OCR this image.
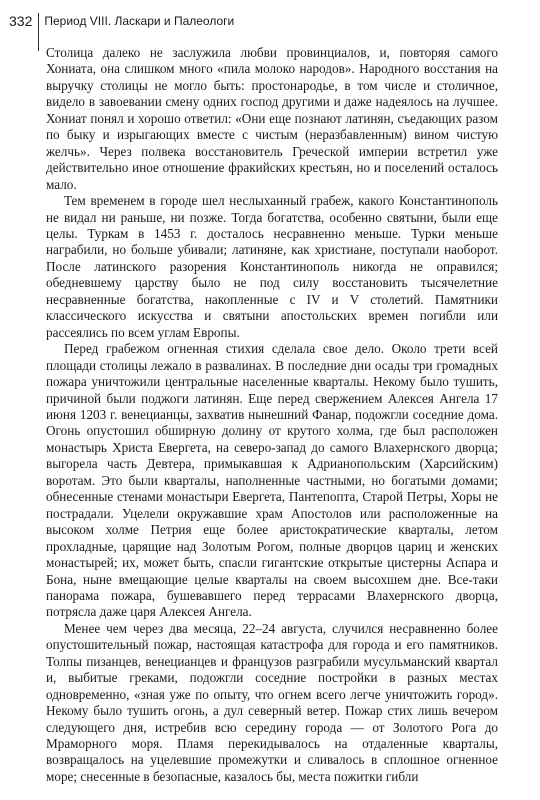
332	Период VIII. Ласкари и Палеологи

Столица далеко не заслужила любви провинциалов, и, повторяя самого Хониата, она слишком много «пила молоко народов». Народного восстания на выручку столицы не могло быть: простонародье, в том числе и столичное, видело в завоевании смену одних господ другими и даже надеялось на лучшее. Хониат понял и хорошо ответил: «Они еще познают латинян, съедающих разом по быку и изрыгающих вместе с чистым (неразбавленным) вином чистую желчь». Через полвека восстановитель Греческой империи встретил уже действительно иное отношение фракийских крестьян, но и поселений осталось мало.

Тем временем в городе шел неслыханный грабеж, какого Константинополь не видал ни раньше, ни позже. Тогда богатства, особенно святыни, были еще целы. Туркам в 1453 г. досталось несравненно меньше. Турки меньше награбили, но больше убивали; латиняне, как христиане, поступали наоборот. После латинского разорения Константинополь никогда не оправился; обедневшему царству было не под силу восстановить тысячелетние несравненные богатства, накопленные с IV и V столетий. Памятники классического искусства и святыни апостольских времен погибли или рассеялись по всем углам Европы.

Перед грабежом огненная стихия сделала свое дело. Около трети всей площади столицы лежало в развалинах. В последние дни осады три громадных пожара уничтожили центральные населенные кварталы. Некому было тушить, причиной были поджоги латинян. Еще перед свержением Алексея Ангела 17 июня 1203 г. венецианцы, захватив нынешний Фанар, подожгли соседние дома. Огонь опустошил обширную долину от крутого холма, где был расположен монастырь Христа Евергета, на северо-запад до самого Влахернского дворца; выгорела часть Девтера, примыкавшая к Адрианопольским (Харсийским) воротам. Это были кварталы, наполненные частными, но богатыми домами; обнесенные стенами монастыри Евергета, Пантепопта, Старой Петры, Хоры не пострадали. Уцелели окружавшие храм Апостолов или расположенные на высоком холме Петрия еще более аристократические кварталы, летом прохладные, царящие над Золотым Рогом, полные дворцов цариц и женских монастырей; их, может быть, спасли гигантские открытые цистерны Аспара и Бона, ныне вмещающие целые кварталы на своем высохшем дне. Все-таки панорама пожара, бушевавшего перед террасами Влахернского дворца, потрясла даже царя Алексея Ангела.

Менее чем через два месяца, 22–24 августа, случился несравненно более опустошительный пожар, настоящая катастрофа для города и его памятников. Толпы пизанцев, венецианцев и французов разграбили мусульманский квартал и, выбитые греками, подожгли соседние постройки в разных местах одновременно, «зная уже по опыту, что огнем всего легче уничтожить город». Некому было тушить огонь, а дул северный ветер. Пожар стих лишь вечером следующего дня, истребив всю середину города — от Золотого Рога до Мраморного моря. Пламя перекидывалось на отдаленные кварталы, возвращалось на уцелевшие промежутки и сливалось в сплошное огненное море; снесенные в безопасные, казалось бы, места пожитки гибли
